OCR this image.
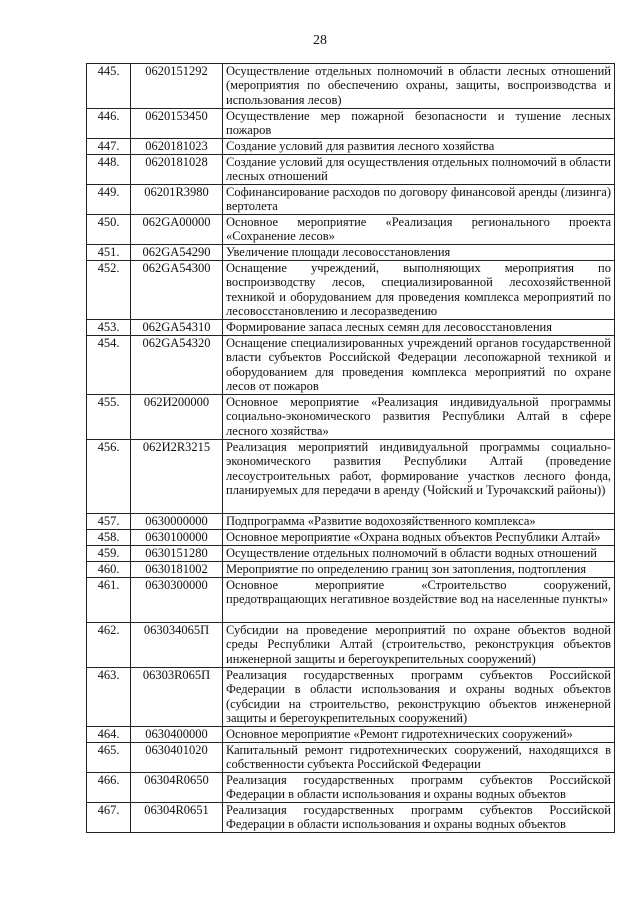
28
445.	0620151292	Осуществление отдельных полномочий в области лесных отношений (мероприятия по обеспечению охраны, защиты, воспроизводства и использования лесов)
446.	0620153450	Осуществление мер пожарной безопасности и тушение лесных пожаров
447.	0620181023	Создание условий для развития лесного хозяйства
448.	0620181028	Создание условий для осуществления отдельных полномочий в области лесных отношений
449.	06201R3980	Софинансирование расходов по договору финансовой аренды (лизинга) вертолета
450.	062GA00000	Основное мероприятие «Реализация регионального проекта «Сохранение лесов»
451.	062GA54290	Увеличение площади лесовосстановления
452.	062GA54300	Оснащение учреждений, выполняющих мероприятия по воспроизводству лесов, специализированной лесохозяйственной техникой и оборудованием для проведения комплекса мероприятий по лесовосстановлению и лесоразведению
453.	062GA54310	Формирование запаса лесных семян для лесовосстановления
454.	062GA54320	Оснащение специализированных учреждений органов государственной власти субъектов Российской Федерации лесопожарной техникой и оборудованием для проведения комплекса мероприятий по охране лесов от пожаров
455.	062И200000	Основное мероприятие «Реализация индивидуальной программы социально-экономического развития Республики Алтай в сфере лесного хозяйства»
456.	062И2R3215	Реализация мероприятий индивидуальной программы социально-экономического развития Республики Алтай (проведение лесоустроительных работ, формирование участков лесного фонда, планируемых для передачи в аренду (Чойский и Турочакский районы))
457.	0630000000	Подпрограмма «Развитие водохозяйственного комплекса»
458.	0630100000	Основное мероприятие «Охрана водных объектов Республики Алтай»
459.	0630151280	Осуществление отдельных полномочий в области водных отношений
460.	0630181002	Мероприятие по определению границ зон затопления, подтопления
461.	0630300000	Основное мероприятие «Строительство сооружений, предотвращающих негативное воздействие вод на населенные пункты»
462.	063034065П	Субсидии на проведение мероприятий по охране объектов водной среды Республики Алтай (строительство, реконструкция объектов инженерной защиты и берегоукрепительных сооружений)
463.	06303R065П	Реализация государственных программ субъектов Российской Федерации в области использования и охраны водных объектов (субсидии на строительство, реконструкцию объектов инженерной защиты и берегоукрепительных сооружений)
464.	0630400000	Основное мероприятие «Ремонт гидротехнических сооружений»
465.	0630401020	Капитальный ремонт гидротехнических сооружений, находящихся в собственности субъекта Российской Федерации
466.	06304R0650	Реализация государственных программ субъектов Российской Федерации в области использования и охраны водных объектов
467.	06304R0651	Реализация государственных программ субъектов Российской Федерации в области использования и охраны водных объектов
